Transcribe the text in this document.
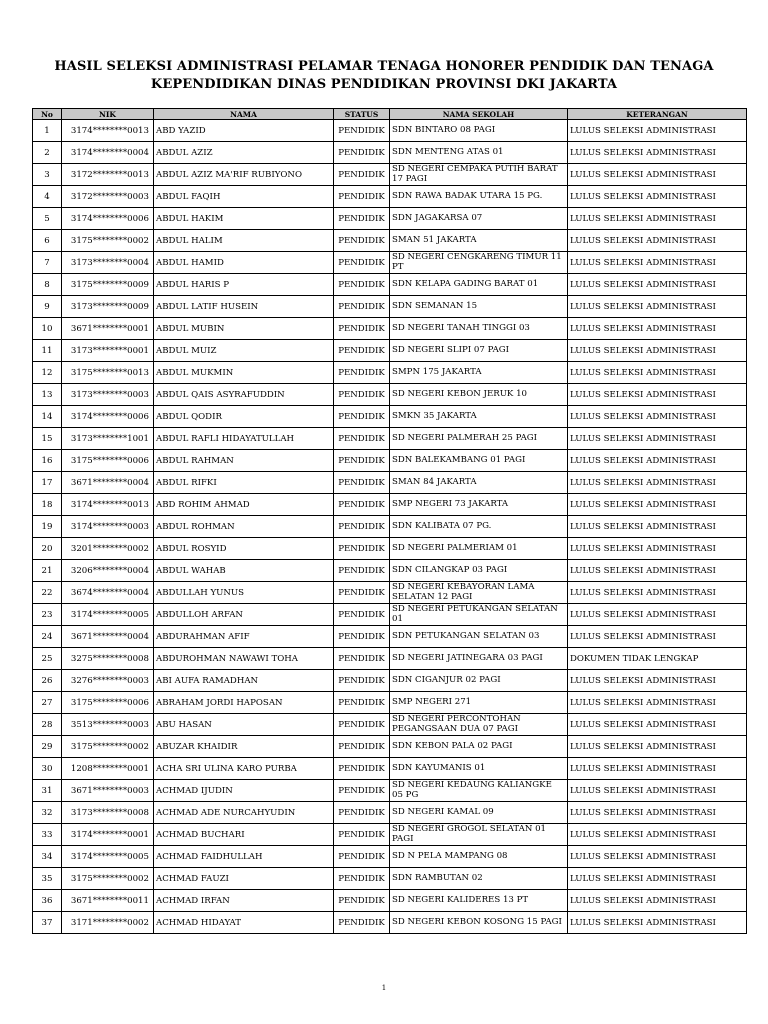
HASIL SELEKSI ADMINISTRASI PELAMAR TENAGA HONORER PENDIDIK DAN TENAGA
KEPENDIDIKAN DINAS PENDIDIKAN PROVINSI DKI JAKARTA
No	NIK	NAMA	STATUS	NAMA SEKOLAH	KETERANGAN
1	3174********0013	ABD YAZID	PENDIDIK	SDN BINTARO 08 PAGI	LULUS SELEKSI ADMINISTRASI
2	3174********0004	ABDUL AZIZ	PENDIDIK	SDN MENTENG ATAS 01	LULUS SELEKSI ADMINISTRASI
3	3172********0013	ABDUL AZIZ MA'RIF RUBIYONO	PENDIDIK	SD NEGERI CEMPAKA PUTIH BARAT 17 PAGI	LULUS SELEKSI ADMINISTRASI
4	3172********0003	ABDUL FAQIH	PENDIDIK	SDN RAWA BADAK UTARA 15 PG.	LULUS SELEKSI ADMINISTRASI
5	3174********0006	ABDUL HAKIM	PENDIDIK	SDN JAGAKARSA 07	LULUS SELEKSI ADMINISTRASI
6	3175********0002	ABDUL HALIM	PENDIDIK	SMAN 51 JAKARTA	LULUS SELEKSI ADMINISTRASI
7	3173********0004	ABDUL HAMID	PENDIDIK	SD NEGERI CENGKARENG TIMUR 11 PT	LULUS SELEKSI ADMINISTRASI
8	3175********0009	ABDUL HARIS P	PENDIDIK	SDN KELAPA GADING BARAT 01	LULUS SELEKSI ADMINISTRASI
9	3173********0009	ABDUL LATIF HUSEIN	PENDIDIK	SDN SEMANAN 15	LULUS SELEKSI ADMINISTRASI
10	3671********0001	ABDUL MUBIN	PENDIDIK	SD NEGERI TANAH TINGGI 03	LULUS SELEKSI ADMINISTRASI
11	3173********0001	ABDUL MUIZ	PENDIDIK	SD NEGERI SLIPI 07 PAGI	LULUS SELEKSI ADMINISTRASI
12	3175********0013	ABDUL MUKMIN	PENDIDIK	SMPN 175 JAKARTA	LULUS SELEKSI ADMINISTRASI
13	3173********0003	ABDUL QAIS ASYRAFUDDIN	PENDIDIK	SD NEGERI KEBON JERUK 10	LULUS SELEKSI ADMINISTRASI
14	3174********0006	ABDUL QODIR	PENDIDIK	SMKN 35 JAKARTA	LULUS SELEKSI ADMINISTRASI
15	3173********1001	ABDUL RAFLI HIDAYATULLAH	PENDIDIK	SD NEGERI PALMERAH 25 PAGI	LULUS SELEKSI ADMINISTRASI
16	3175********0006	ABDUL RAHMAN	PENDIDIK	SDN BALEKAMBANG 01 PAGI	LULUS SELEKSI ADMINISTRASI
17	3671********0004	ABDUL RIFKI	PENDIDIK	SMAN 84 JAKARTA	LULUS SELEKSI ADMINISTRASI
18	3174********0013	ABD ROHIM AHMAD	PENDIDIK	SMP NEGERI 73 JAKARTA	LULUS SELEKSI ADMINISTRASI
19	3174********0003	ABDUL ROHMAN	PENDIDIK	SDN KALIBATA 07 PG.	LULUS SELEKSI ADMINISTRASI
20	3201********0002	ABDUL ROSYID	PENDIDIK	SD NEGERI PALMERIAM 01	LULUS SELEKSI ADMINISTRASI
21	3206********0004	ABDUL WAHAB	PENDIDIK	SDN CILANGKAP 03 PAGI	LULUS SELEKSI ADMINISTRASI
22	3674********0004	ABDULLAH YUNUS	PENDIDIK	SD NEGERI KEBAYORAN LAMA SELATAN 12 PAGI	LULUS SELEKSI ADMINISTRASI
23	3174********0005	ABDULLOH ARFAN	PENDIDIK	SD NEGERI PETUKANGAN SELATAN 01	LULUS SELEKSI ADMINISTRASI
24	3671********0004	ABDURAHMAN AFIF	PENDIDIK	SDN PETUKANGAN SELATAN 03	LULUS SELEKSI ADMINISTRASI
25	3275********0008	ABDUROHMAN NAWAWI TOHA	PENDIDIK	SD NEGERI JATINEGARA 03 PAGI	DOKUMEN TIDAK LENGKAP
26	3276********0003	ABI AUFA RAMADHAN	PENDIDIK	SDN CIGANJUR 02 PAGI	LULUS SELEKSI ADMINISTRASI
27	3175********0006	ABRAHAM JORDI HAPOSAN	PENDIDIK	SMP NEGERI 271	LULUS SELEKSI ADMINISTRASI
28	3513********0003	ABU HASAN	PENDIDIK	SD NEGERI PERCONTOHAN PEGANGSAAN DUA 07 PAGI	LULUS SELEKSI ADMINISTRASI
29	3175********0002	ABUZAR KHAIDIR	PENDIDIK	SDN KEBON PALA 02 PAGI	LULUS SELEKSI ADMINISTRASI
30	1208********0001	ACHA SRI ULINA KARO PURBA	PENDIDIK	SDN KAYUMANIS 01	LULUS SELEKSI ADMINISTRASI
31	3671********0003	ACHMAD IJUDIN	PENDIDIK	SD NEGERI KEDAUNG KALIANGKE 05 PG	LULUS SELEKSI ADMINISTRASI
32	3173********0008	ACHMAD ADE NURCAHYUDIN	PENDIDIK	SD NEGERI KAMAL 09	LULUS SELEKSI ADMINISTRASI
33	3174********0001	ACHMAD BUCHARI	PENDIDIK	SD NEGERI GROGOL SELATAN 01 PAGI	LULUS SELEKSI ADMINISTRASI
34	3174********0005	ACHMAD FAIDHULLAH	PENDIDIK	SD N PELA MAMPANG 08	LULUS SELEKSI ADMINISTRASI
35	3175********0002	ACHMAD FAUZI	PENDIDIK	SDN RAMBUTAN 02	LULUS SELEKSI ADMINISTRASI
36	3671********0011	ACHMAD IRFAN	PENDIDIK	SD NEGERI KALIDERES 13 PT	LULUS SELEKSI ADMINISTRASI
37	3171********0002	ACHMAD HIDAYAT	PENDIDIK	SD NEGERI KEBON KOSONG 15 PAGI	LULUS SELEKSI ADMINISTRASI
1
